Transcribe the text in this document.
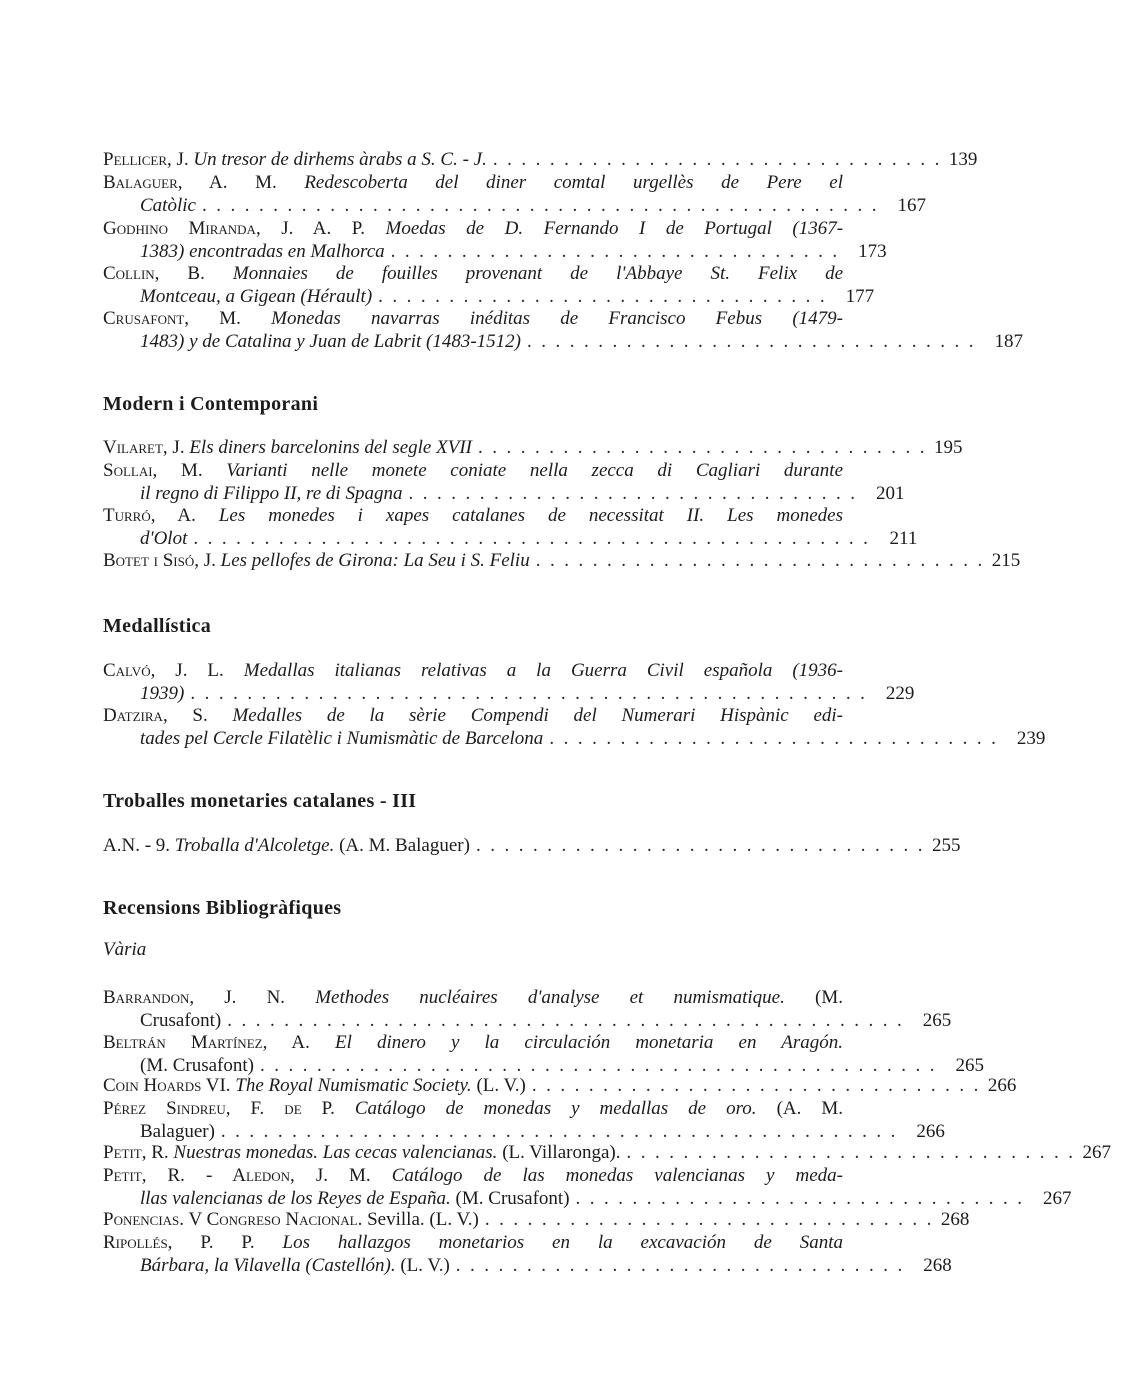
Pellicer, J. Un tresor de dirhems àrabs a S. C. - J. ................................ 139
Balaguer, A. M. Redescoberta del diner comtal urgellès de Pere el
Catòlic ................................................ 167
Godhino Miranda, J. A. P. Moedas de D. Fernando I de Portugal (1367-
1383) encontradas en Malhorca ................................ 173
Collin, B. Monnaies de fouilles provenant de l'Abbaye St. Felix de
Montceau, a Gigean (Hérault) ................................ 177
Crusafont, M. Monedas navarras inéditas de Francisco Febus (1479-
1483) y de Catalina y Juan de Labrit (1483-1512) ................................ 187
Modern i Contemporani
Vilaret, J. Els diners barcelonins del segle XVII ................................ 195
Sollai, M. Varianti nelle monete coniate nella zecca di Cagliari durante
il regno di Filippo II, re di Spagna ................................ 201
Turró, A. Les monedes i xapes catalanes de necessitat II. Les monedes
d'Olot ................................................ 211
Botet i Sisó, J. Les pellofes de Girona: La Seu i S. Feliu ................................ 215
Medallística
Calvó, J. L. Medallas italianas relativas a la Guerra Civil española (1936-
1939) ................................................ 229
Datzira, S. Medalles de la sèrie Compendi del Numerari Hispànic edi-
tades pel Cercle Filatèlic i Numismàtic de Barcelona ................................ 239
Troballes monetaries catalanes - III
A.N. - 9. Troballa d'Alcoletge. (A. M. Balaguer) ................................ 255
Recensions Bibliogràfiques
Vària
Barrandon, J. N. Methodes nucléaires d'analyse et numismatique. (M.
Crusafont) ................................................ 265
Beltrán Martínez, A. El dinero y la circulación monetaria en Aragón.
(M. Crusafont) ................................................ 265
Coin Hoards VI. The Royal Numismatic Society. (L. V.) ................................ 266
Pérez Sindreu, F. de P. Catálogo de monedas y medallas de oro. (A. M.
Balaguer) ................................................ 266
Petit, R. Nuestras monedas. Las cecas valencianas. (L. Villaronga). ................................ 267
Petit, R. - Aledon, J. M. Catálogo de las monedas valencianas y meda-
llas valencianas de los Reyes de España. (M. Crusafont) ................................ 267
Ponencias. V Congreso Nacional. Sevilla. (L. V.) ................................ 268
Ripollés, P. P. Los hallazgos monetarios en la excavación de Santa
Bárbara, la Vilavella (Castellón). (L. V.) ................................ 268
